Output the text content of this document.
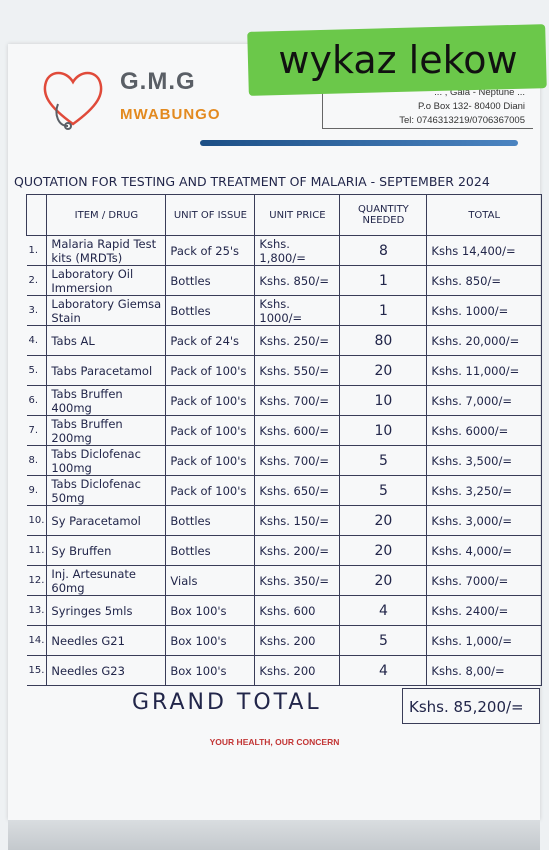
G.M.G
MWABUNGO
... , Gala - Neptune ...
P.o Box 132- 80400 Diani
Tel: 0746313219/0706367005
wykaz lekow
QUOTATION FOR TESTING AND TREATMENT OF MALARIA - SEPTEMBER 2024
	ITEM / DRUG	UNIT OF ISSUE	UNIT PRICE	QUANTITY NEEDED	TOTAL
1.	Malaria Rapid Test kits (MRDTs)	Pack of 25's	Kshs. 1,800/=	8	Kshs 14,400/=
2.	Laboratory Oil Immersion	Bottles	Kshs. 850/=	1	Kshs. 850/=
3.	Laboratory Giemsa Stain	Bottles	Kshs. 1000/=	1	Kshs. 1000/=
4.	Tabs AL	Pack of 24's	Kshs. 250/=	80	Kshs. 20,000/=
5.	Tabs Paracetamol	Pack of 100's	Kshs. 550/=	20	Kshs. 11,000/=
6.	Tabs Bruffen 400mg	Pack of 100's	Kshs. 700/=	10	Kshs. 7,000/=
7.	Tabs Bruffen 200mg	Pack of 100's	Kshs. 600/=	10	Kshs. 6000/=
8.	Tabs Diclofenac 100mg	Pack of 100's	Kshs. 700/=	5	Kshs. 3,500/=
9.	Tabs Diclofenac 50mg	Pack of 100's	Kshs. 650/=	5	Kshs. 3,250/=
10.	Sy Paracetamol	Bottles	Kshs. 150/=	20	Kshs. 3,000/=
11.	Sy Bruffen	Bottles	Kshs. 200/=	20	Kshs. 4,000/=
12.	Inj. Artesunate 60mg	Vials	Kshs. 350/=	20	Kshs. 7000/=
13.	Syringes 5mls	Box 100's	Kshs. 600	4	Kshs. 2400/=
14.	Needles G21	Box 100's	Kshs. 200	5	Kshs. 1,000/=
15.	Needles G23	Box 100's	Kshs. 200	4	Kshs. 8,00/=
GRAND TOTAL	Kshs. 85,200/=
YOUR HEALTH, OUR CONCERN
